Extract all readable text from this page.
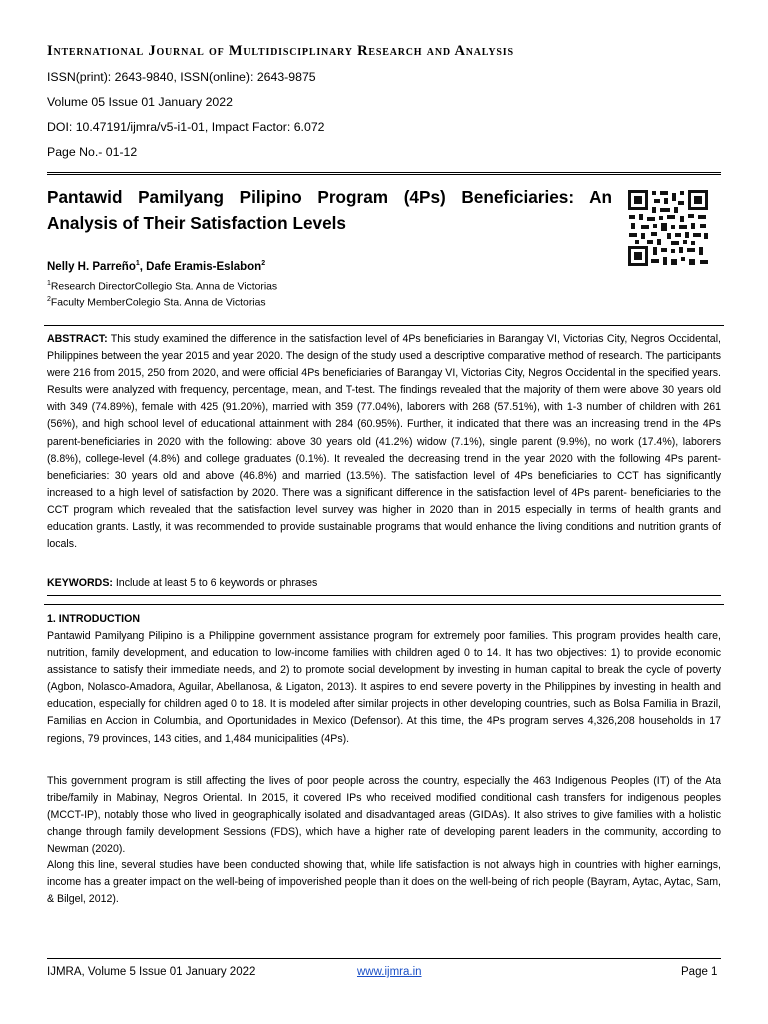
International Journal of Multidisciplinary Research and Analysis
ISSN(print): 2643-9840, ISSN(online): 2643-9875
Volume 05 Issue 01 January 2022
DOI: 10.47191/ijmra/v5-i1-01, Impact Factor: 6.072
Page No.- 01-12
Pantawid Pamilyang Pilipino Program (4Ps) Beneficiaries: An Analysis of Their Satisfaction Levels
Nelly H. Parreño$^1$, Dafe Eramis-Eslabon$^2$
$^1$Research DirectorCollegio Sta. Anna de Victorias
$^2$Faculty MemberColegio Sta. Anna de Victorias
ABSTRACT: This study examined the difference in the satisfaction level of 4Ps beneficiaries in Barangay VI, Victorias City, Negros Occidental, Philippines between the year 2015 and year 2020. The design of the study used a descriptive comparative method of research. The participants were 216 from 2015, 250 from 2020, and were official 4Ps beneficiaries of Barangay VI, Victorias City, Negros Occidental in the specified years. Results were analyzed with frequency, percentage, mean, and T-test. The findings revealed that the majority of them were above 30 years old with 349 (74.89%), female with 425 (91.20%), married with 359 (77.04%), laborers with 268 (57.51%), with 1-3 number of children with 261 (56%), and high school level of educational attainment with 284 (60.95%). Further, it indicated that there was an increasing trend in the 4Ps parent-beneficiaries in 2020 with the following: above 30 years old (41.2%) widow (7.1%), single parent (9.9%), no work (17.4%), laborers (8.8%), college-level (4.8%) and college graduates (0.1%). It revealed the decreasing trend in the year 2020 with the following 4Ps parent-beneficiaries: 30 years old and above (46.8%) and married (13.5%). The satisfaction level of 4Ps beneficiaries to CCT has significantly increased to a high level of satisfaction by 2020. There was a significant difference in the satisfaction level of 4Ps parent- beneficiaries to the CCT program which revealed that the satisfaction level survey was higher in 2020 than in 2015 especially in terms of health grants and education grants. Lastly, it was recommended to provide sustainable programs that would enhance the living conditions and nutrition grants of locals.
KEYWORDS: Include at least 5 to 6 keywords or phrases
1. INTRODUCTION
Pantawid Pamilyang Pilipino is a Philippine government assistance program for extremely poor families. This program provides health care, nutrition, family development, and education to low-income families with children aged 0 to 14. It has two objectives: 1) to provide economic assistance to satisfy their immediate needs, and 2) to promote social development by investing in human capital to break the cycle of poverty (Agbon, Nolasco-Amadora, Aguilar, Abellanosa, & Ligaton, 2013). It aspires to end severe poverty in the Philippines by investing in health and education, especially for children aged 0 to 18. It is modeled after similar projects in other developing countries, such as Bolsa Familia in Brazil, Familias en Accion in Columbia, and Oportunidades in Mexico (Defensor). At this time, the 4Ps program serves 4,326,208 households in 17 regions, 79 provinces, 143 cities, and 1,484 municipalities (4Ps).
This government program is still affecting the lives of poor people across the country, especially the 463 Indigenous Peoples (IT) of the Ata tribe/family in Mabinay, Negros Oriental. In 2015, it covered IPs who received modified conditional cash transfers for indigenous peoples (MCCT-IP), notably those who lived in geographically isolated and disadvantaged areas (GIDAs). It also strives to give families with a holistic change through family development Sessions (FDS), which have a higher rate of developing parent leaders in the community, according to Newman (2020).
Along this line, several studies have been conducted showing that, while life satisfaction is not always high in countries with higher earnings, income has a greater impact on the well-being of impoverished people than it does on the well-being of rich people (Bayram, Aytac, Aytac, Sam, & Bilgel, 2012).
IJMRA, Volume 5 Issue 01 January 2022	www.ijmra.in	Page 1
